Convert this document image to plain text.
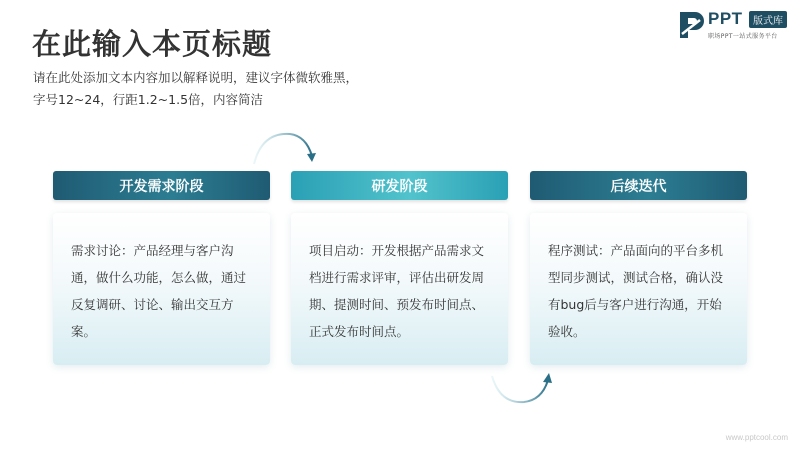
在此输入本页标题
请在此处添加文本内容加以解释说明，建议字体微软雅黑，
字号12~24，行距1.2~1.5倍，内容简洁
PPT	版式库
职场PPT一站式服务平台
开发需求阶段	研发阶段	后续迭代
需求讨论：产品经理与客户沟通，做什么功能，怎么做，通过反复调研、讨论、输出交互方案。
项目启动：开发根据产品需求文档进行需求评审，评估出研发周期、提测时间、预发布时间点、正式发布时间点。
程序测试：产品面向的平台多机型同步测试，测试合格，确认没有bug后与客户进行沟通，开始验收。
www.pptcool.com
